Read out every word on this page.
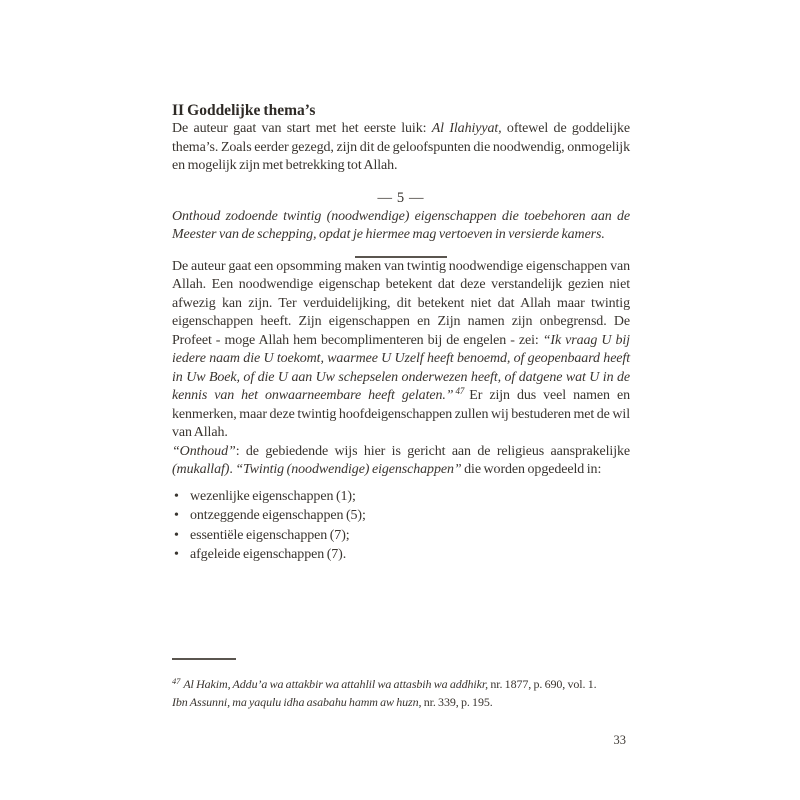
II Goddelijke thema’s

De auteur gaat van start met het eerste luik: Al Ilahiyyat, oftewel de goddelijke thema’s. Zoals eerder gezegd, zijn dit de geloofspunten die noodwendig, onmogelijk en mogelijk zijn met betrekking tot Allah.

— 5 —

Onthoud zodoende twintig (noodwendige) eigenschappen die toebehoren aan de Meester van de schepping, opdat je hiermee mag vertoeven in versierde kamers.

De auteur gaat een opsomming maken van twintig noodwendige eigenschappen van Allah. Een noodwendige eigenschap betekent dat deze verstandelijk gezien niet afwezig kan zijn. Ter verduidelijking, dit betekent niet dat Allah maar twintig eigenschappen heeft. Zijn eigenschappen en Zijn namen zijn onbegrensd. De Profeet - moge Allah hem becomplimenteren bij de engelen - zei: “Ik vraag U bij iedere naam die U toekomt, waarmee U Uzelf heeft benoemd, of geopenbaard heeft in Uw Boek, of die U aan Uw schepselen onderwezen heeft, of datgene wat U in de kennis van het onwaarneembare heeft gelaten.” $^{47}$ Er zijn dus veel namen en kenmerken, maar deze twintig hoofdeigenschappen zullen wij bestuderen met de wil van Allah.

“Onthoud”: de gebiedende wijs hier is gericht aan de religieus aansprakelijke (mukallaf). “Twintig (noodwendige) eigenschappen” die worden opgedeeld in:

• wezenlijke eigenschappen (1);
• ontzeggende eigenschappen (5);
• essentiële eigenschappen (7);
• afgeleide eigenschappen (7).
$^{47}$ Al Hakim, Addu’a wa attakbir wa attahlil wa attasbih wa addhikr, nr. 1877, p. 690, vol. 1.
Ibn Assunni, ma yaqulu idha asabahu hamm aw huzn, nr. 339, p. 195.
33
